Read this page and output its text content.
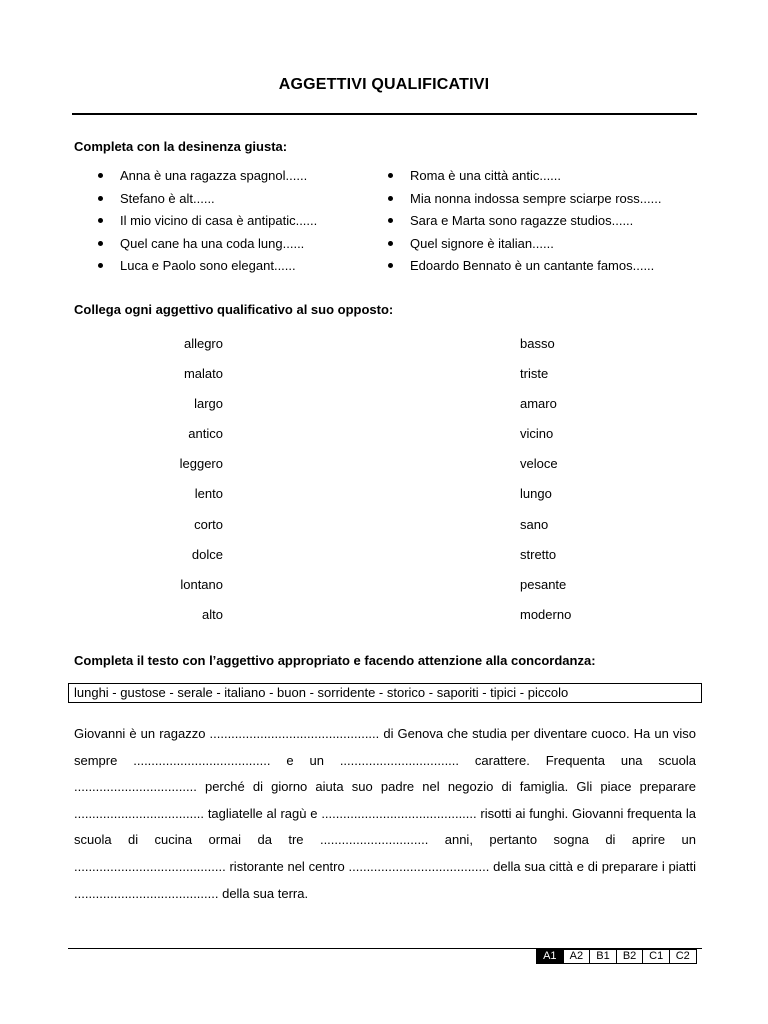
AGGETTIVI QUALIFICATIVI
Completa con la desinenza giusta:
Anna è una ragazza spagnol......
Stefano è alt......
Il mio vicino di casa è antipatic......
Quel cane ha una coda lung......
Luca e Paolo sono elegant......
Roma è una città antic......
Mia nonna indossa sempre sciarpe ross......
Sara e Marta sono ragazze studios......
Quel signore è italian......
Edoardo Bennato è un cantante famos......
Collega ogni aggettivo qualificativo al suo opposto:
allegro
malato
largo
antico
leggero
lento
corto
dolce
lontano
alto
basso
triste
amaro
vicino
veloce
lungo
sano
stretto
pesante
moderno
Completa il testo con l’aggettivo appropriato e facendo attenzione alla concordanza:
lunghi - gustose - serale - italiano - buon - sorridente - storico - saporiti - tipici - piccolo
Giovanni è un ragazzo ............................................... di Genova che studia per diventare cuoco. Ha un viso sempre ...................................... e un ................................. carattere. Frequenta una scuola .................................. perché di giorno aiuta suo padre nel negozio di famiglia. Gli piace preparare .................................... tagliatelle al ragù e ........................................... risotti ai funghi. Giovanni frequenta la scuola di cucina ormai da tre .............................. anni, pertanto sogna di aprire un .......................................... ristorante nel centro ....................................... della sua città e di preparare i piatti ........................................ della sua terra.
A1	A2	B1	B2	C1	C2
